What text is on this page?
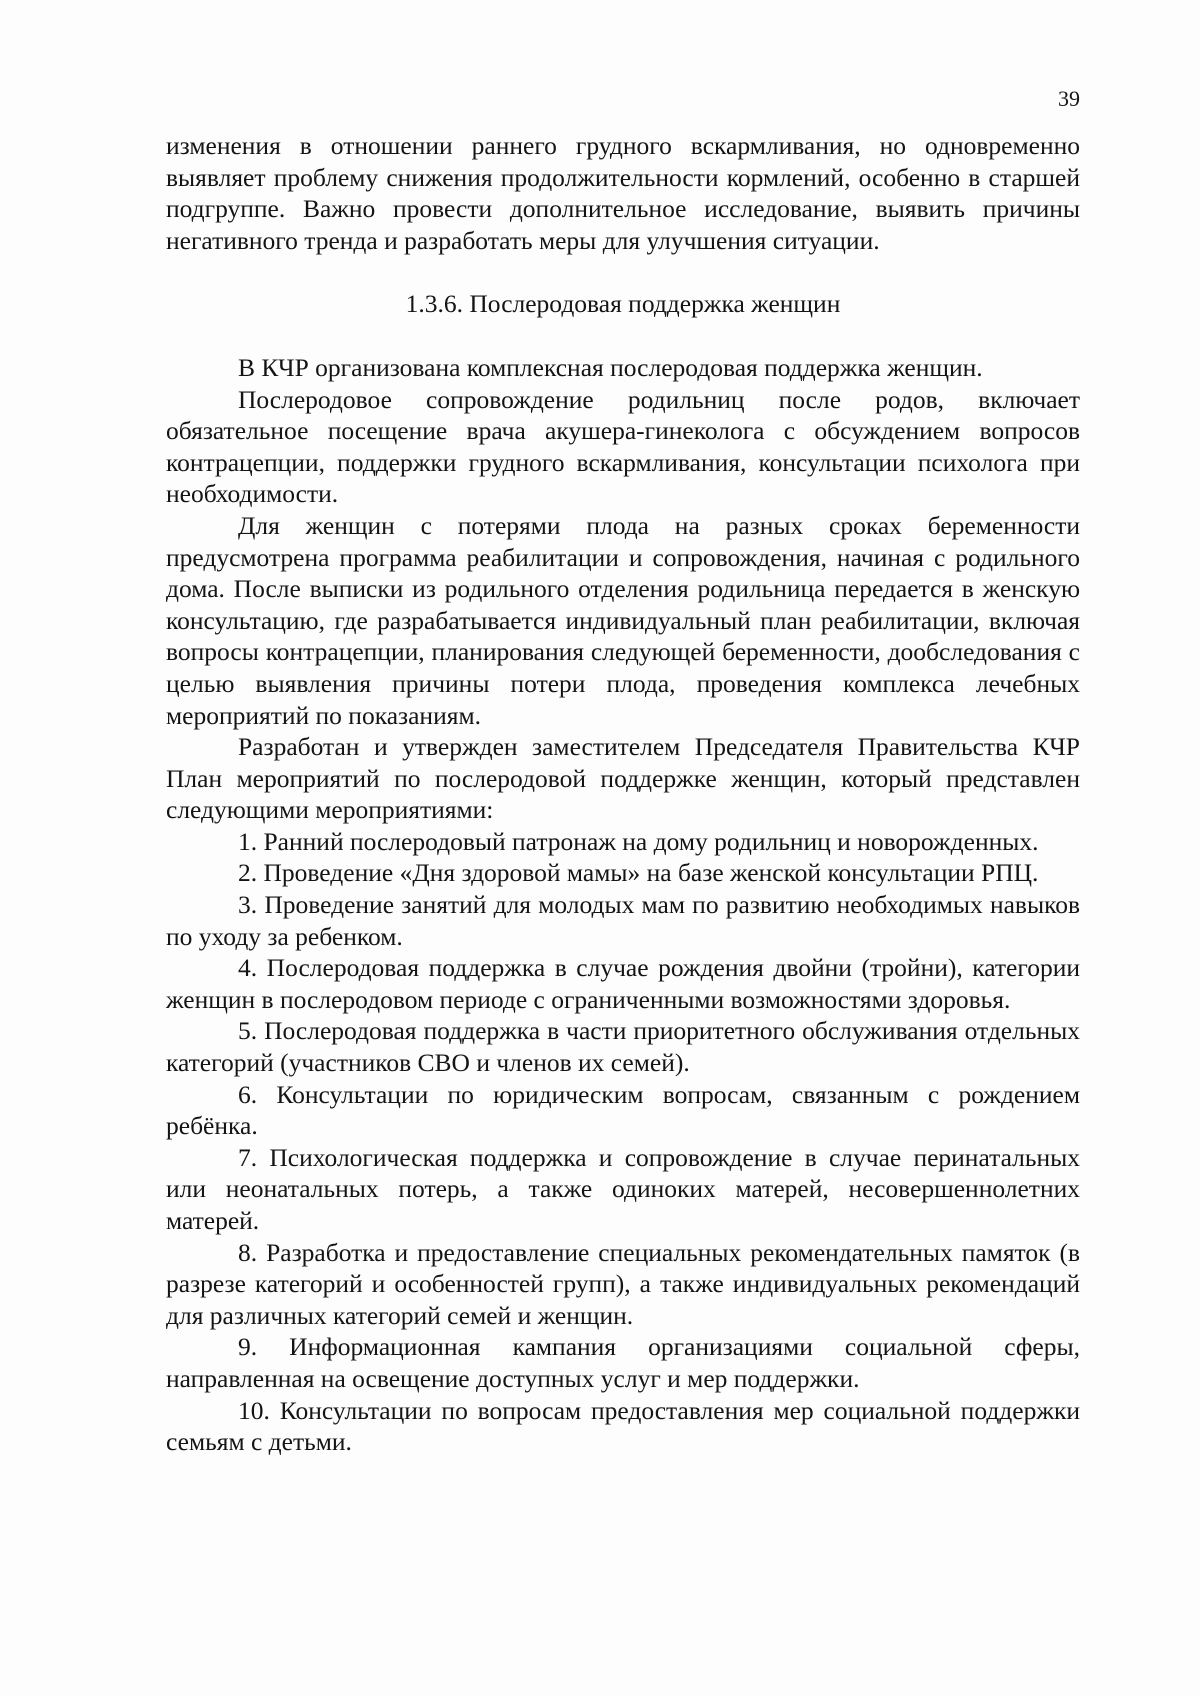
39

изменения в отношении раннего грудного вскармливания, но одновременно выявляет проблему снижения продолжительности кормлений, особенно в старшей подгруппе. Важно провести дополнительное исследование, выявить причины негативного тренда и разработать меры для улучшения ситуации.

1.3.6. Послеродовая поддержка женщин

В КЧР организована комплексная послеродовая поддержка женщин.

Послеродовое сопровождение родильниц после родов, включает обязательное посещение врача акушера-гинеколога с обсуждением вопросов контрацепции, поддержки грудного вскармливания, консультации психолога при необходимости.

Для женщин с потерями плода на разных сроках беременности предусмотрена программа реабилитации и сопровождения, начиная с родильного дома. После выписки из родильного отделения родильница передается в женскую консультацию, где разрабатывается индивидуальный план реабилитации, включая вопросы контрацепции, планирования следующей беременности, дообследования с целью выявления причины потери плода, проведения комплекса лечебных мероприятий по показаниям.

Разработан и утвержден заместителем Председателя Правительства КЧР План мероприятий по послеродовой поддержке женщин, который представлен следующими мероприятиями:

1. Ранний послеродовый патронаж на дому родильниц и новорожденных.

2. Проведение «Дня здоровой мамы» на базе женской консультации РПЦ.

3. Проведение занятий для молодых мам по развитию необходимых навыков по уходу за ребенком.

4. Послеродовая поддержка в случае рождения двойни (тройни), категории женщин в послеродовом периоде с ограниченными возможностями здоровья.

5. Послеродовая поддержка в части приоритетного обслуживания отдельных категорий (участников СВО и членов их семей).

6. Консультации по юридическим вопросам, связанным с рождением ребёнка.

7. Психологическая поддержка и сопровождение в случае перинатальных или неонатальных потерь, а также одиноких матерей, несовершеннолетних матерей.

8. Разработка и предоставление специальных рекомендательных памяток (в разрезе категорий и особенностей групп), а также индивидуальных рекомендаций для различных категорий семей и женщин.

9. Информационная кампания организациями социальной сферы, направленная на освещение доступных услуг и мер поддержки.

10. Консультации по вопросам предоставления мер социальной поддержки семьям с детьми.
